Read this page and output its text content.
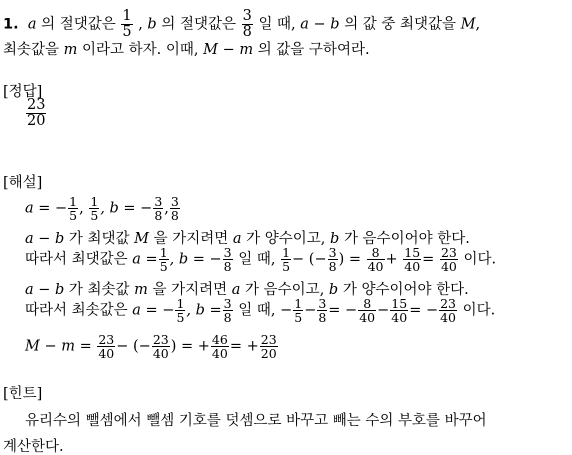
1. a 의 절댓값은 $\frac{1}{5}$ , b 의 절댓값은 $\frac{3}{8}$ 일 때, a − b 의 값 중 최댓값을 M,
최솟값을 m 이라고 하자. 이때, M − m 의 값을 구하여라.
[정답]
$\frac{23}{20}$
[해설]
a = − $\frac{1}{5}$ , $\frac{1}{5}$ , b = − $\frac{3}{8}$ , $\frac{3}{8}$
a − b 가 최댓값 M 을 가지려면 a 가 양수이고, b 가 음수이어야 한다.
따라서 최댓값은 $a = \frac{1}{5}$ , b = − $\frac{3}{8}$ 일 때, $\frac{1}{5}$ − (− $\frac{3}{8}$ ) = $\frac{8}{40} + \frac{15}{40} = \frac{23}{40}$ 이다.
a − b 가 최솟값 m 을 가지려면 a 가 음수이고, b 가 양수이어야 한다.
따라서 최솟값은 a = − $\frac{1}{5}$ , $b = \frac{3}{8}$ 일 때, − $\frac{1}{5} - \frac{3}{8}$ = − $\frac{8}{40} - \frac{15}{40}$ = − $\frac{23}{40}$ 이다.
$M - m = \frac{23}{40}$ − (− $\frac{23}{40}$ ) = + $\frac{46}{40}$ = + $\frac{23}{20}$
[힌트]
유리수의 뺄셈에서 뺄셈 기호를 덧셈으로 바꾸고 빼는 수의 부호를 바꾸어
계산한다.
